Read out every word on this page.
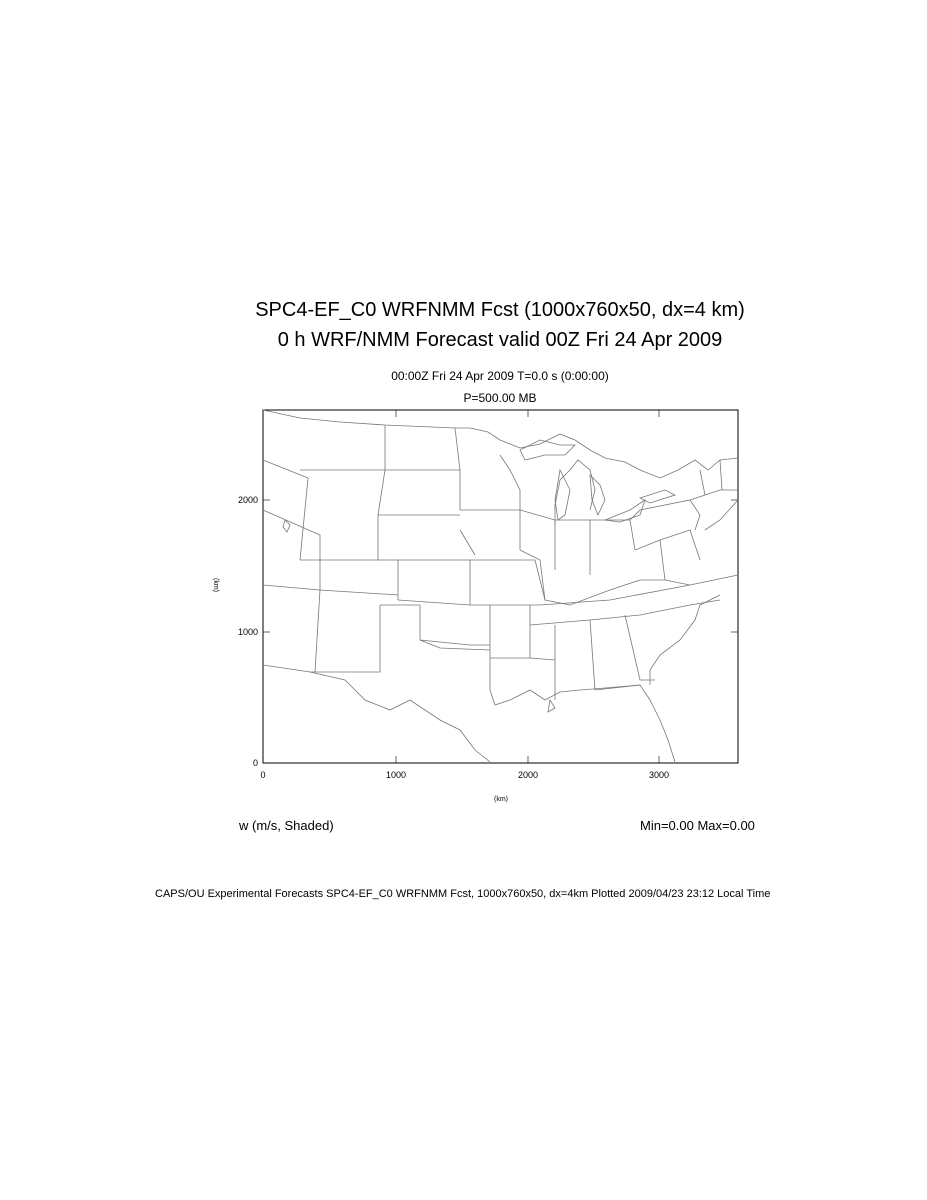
SPC4-EF_C0 WRFNMM Fcst (1000x760x50, dx=4 km)
0 h WRF/NMM Forecast valid 00Z Fri 24 Apr 2009
00:00Z Fri 24 Apr 2009 T=0.0 s (0:00:00)
P=500.00 MB
0	1000	2000	3000
0
1000
2000
(km)
(km)
w (m/s, Shaded)	Min=0.00 Max=0.00
CAPS/OU Experimental Forecasts SPC4-EF_C0 WRFNMM Fcst, 1000x760x50, dx=4km Plotted 2009/04/23 23:12 Local Time
